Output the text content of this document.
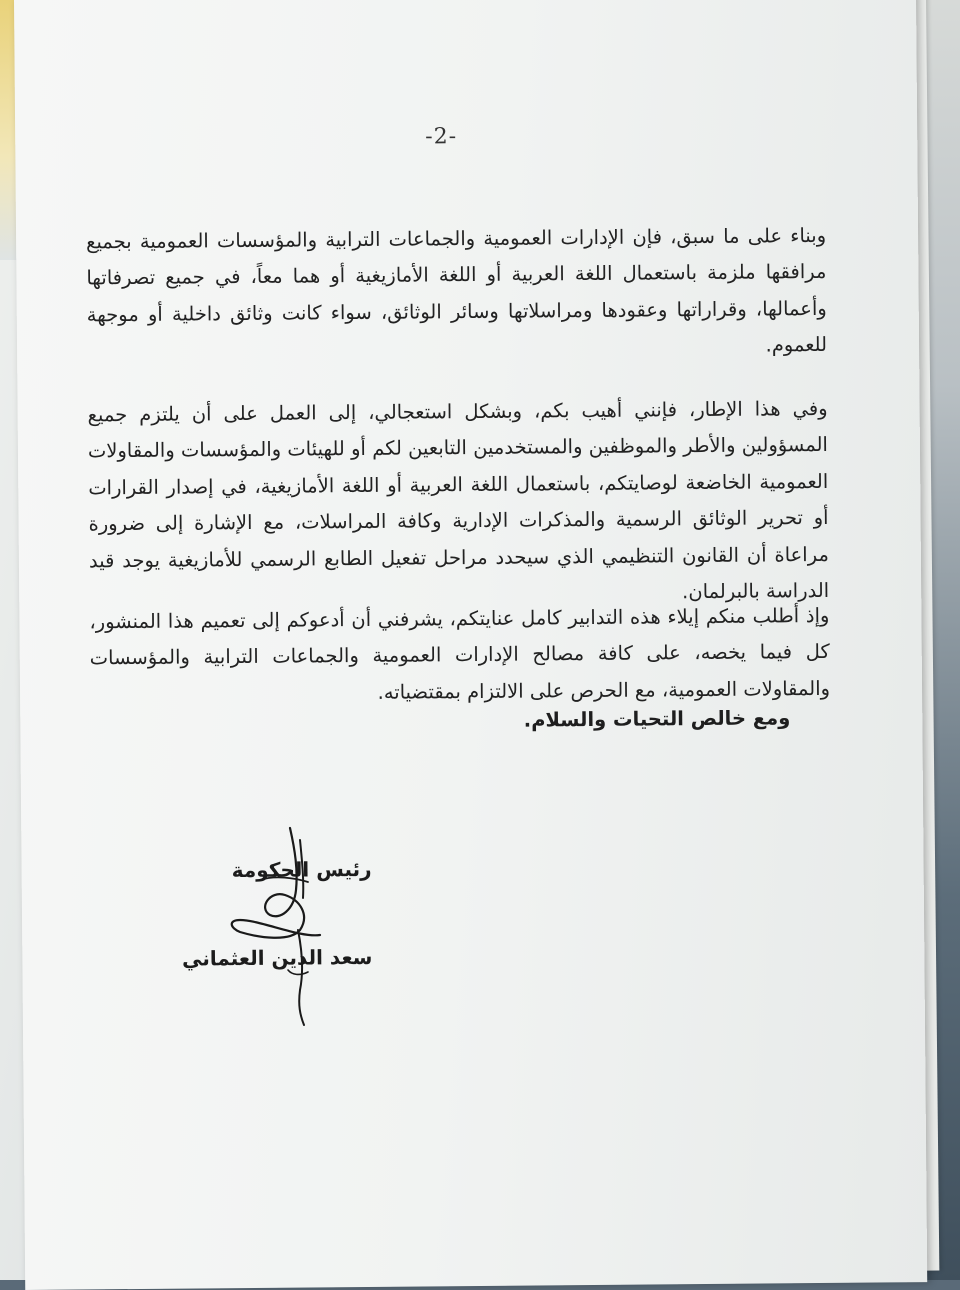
-2-

وبناء على ما سبق، فإن الإدارات العمومية والجماعات الترابية والمؤسسات العمومية بجميع مرافقها ملزمة باستعمال اللغة العربية أو اللغة الأمازيغية أو هما معاً، في جميع تصرفاتها وأعمالها، وقراراتها وعقودها ومراسلاتها وسائر الوثائق، سواء كانت وثائق داخلية أو موجهة للعموم.

وفي هذا الإطار، فإنني أهيب بكم، وبشكل استعجالي، إلى العمل على أن يلتزم جميع المسؤولين والأطر والموظفين والمستخدمين التابعين لكم أو للهيئات والمؤسسات والمقاولات العمومية الخاضعة لوصايتكم، باستعمال اللغة العربية أو اللغة الأمازيغية، في إصدار القرارات أو تحرير الوثائق الرسمية والمذكرات الإدارية وكافة المراسلات، مع الإشارة إلى ضرورة مراعاة أن القانون التنظيمي الذي سيحدد مراحل تفعيل الطابع الرسمي للأمازيغية يوجد قيد الدراسة بالبرلمان.

وإذ أطلب منكم إيلاء هذه التدابير كامل عنايتكم، يشرفني أن أدعوكم إلى تعميم هذا المنشور، كل فيما يخصه، على كافة مصالح الإدارات العمومية والجماعات الترابية والمؤسسات والمقاولات العمومية، مع الحرص على الالتزام بمقتضياته.

ومع خالص التحيات والسلام.
رئيس الحكومة
سعد الدين العثماني
